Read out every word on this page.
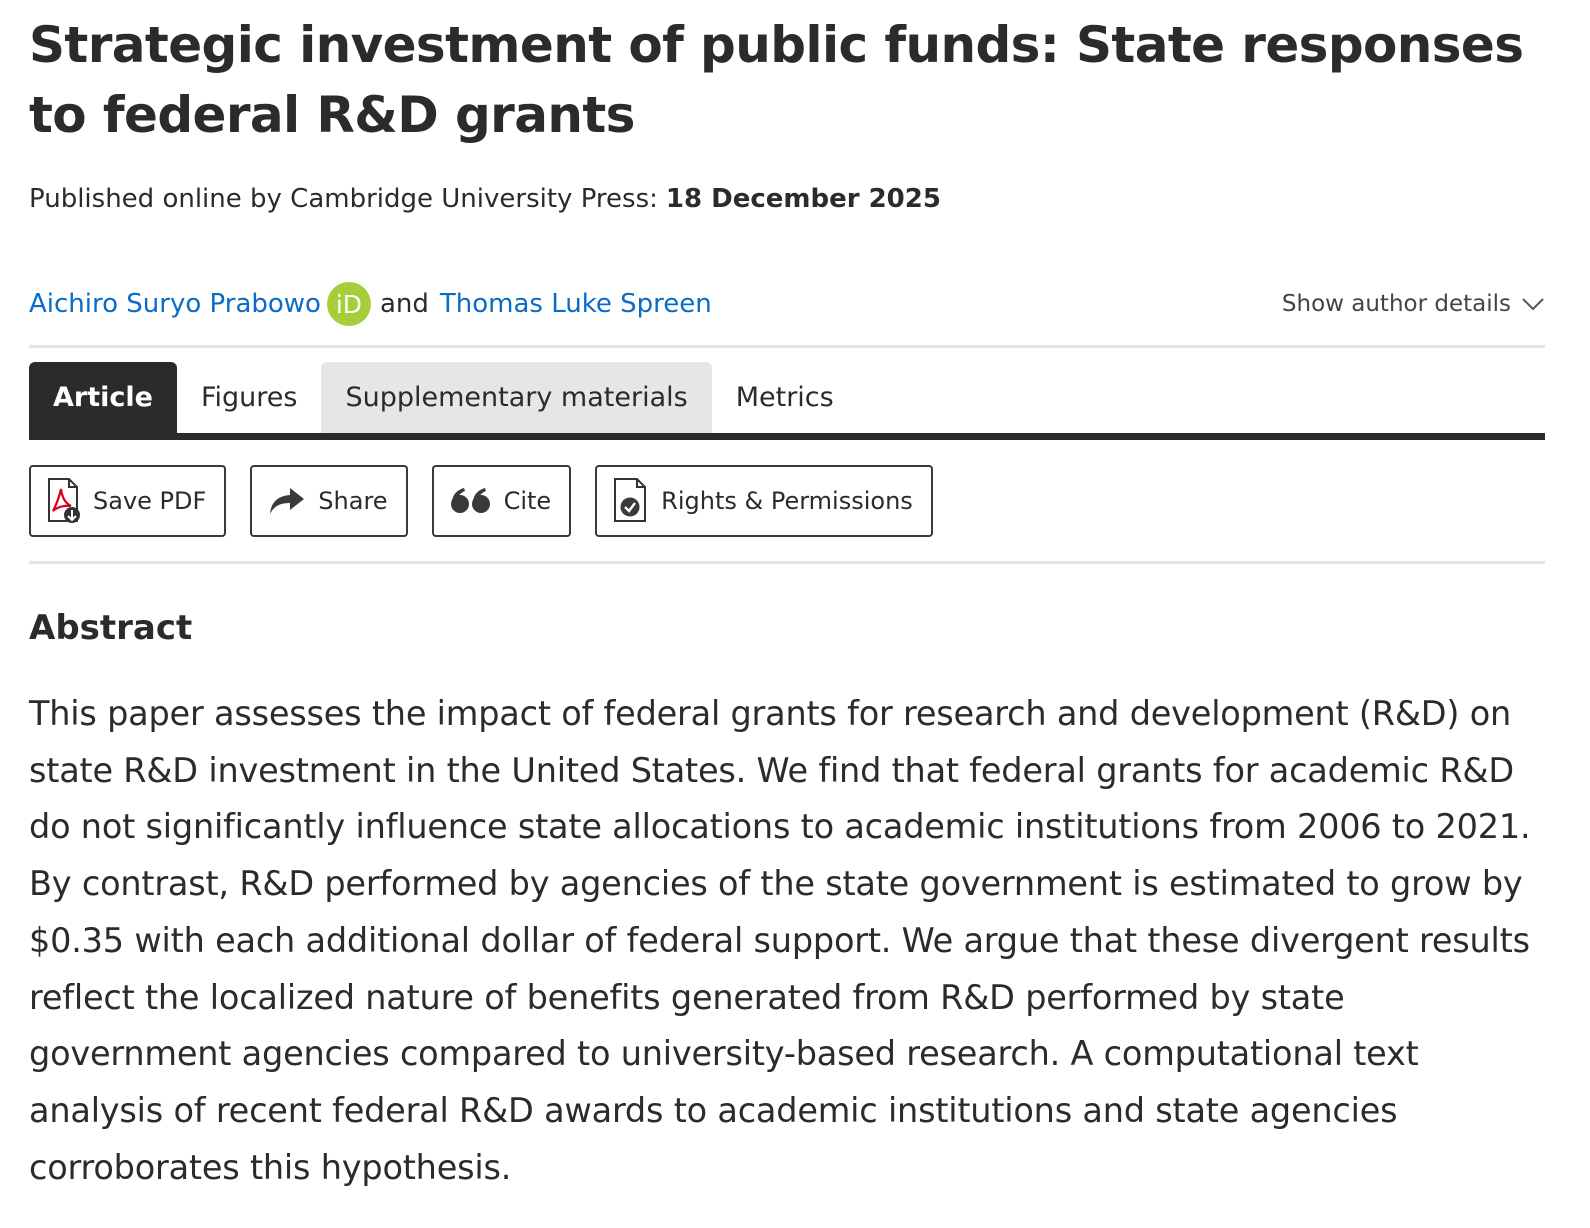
Strategic investment of public funds: State responses to federal R&D grants
Published online by Cambridge University Press: 18 December 2025
Aichiro Suryo Prabowo iD and Thomas Luke Spreen	Show author details
Article	Figures	Supplementary materials	Metrics
Save PDF	Share	Cite	Rights & Permissions
Abstract

This paper assesses the impact of federal grants for research and development (R&D) on state R&D investment in the United States. We find that federal grants for academic R&D do not significantly influence state allocations to academic institutions from 2006 to 2021. By contrast, R&D performed by agencies of the state government is estimated to grow by $0.35 with each additional dollar of federal support. We argue that these divergent results reflect the localized nature of benefits generated from R&D performed by state government agencies compared to university-based research. A computational text analysis of recent federal R&D awards to academic institutions and state agencies corroborates this hypothesis.
